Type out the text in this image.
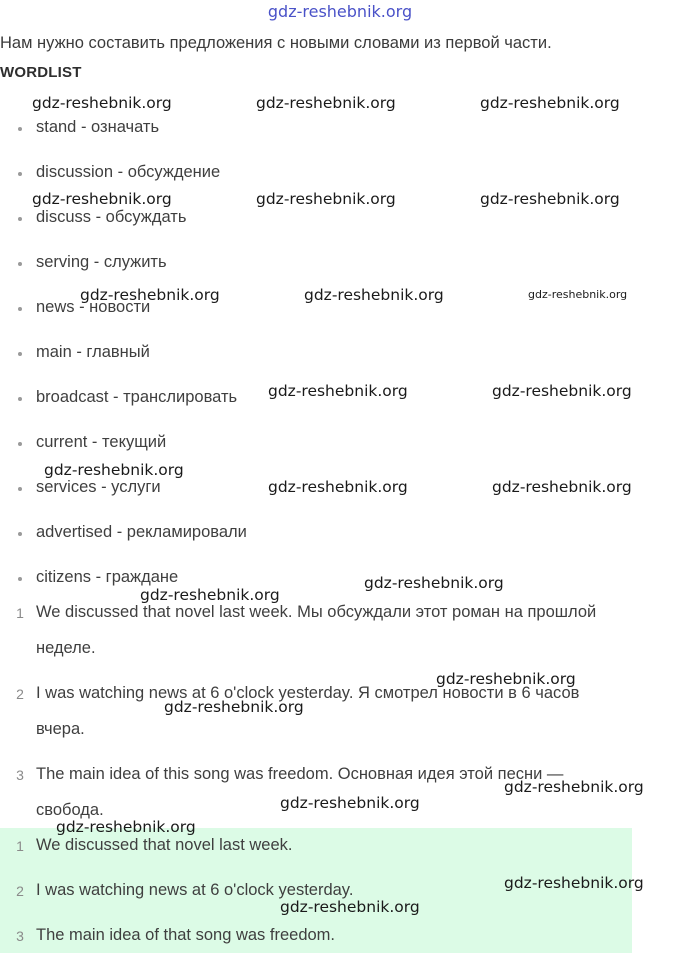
gdz-reshebnik.org
Нам нужно составить предложения с новыми словами из первой части.
WORDLIST
stand - означать
discussion - обсуждение
discuss - обсуждать
serving - служить
news - новости
main - главный
broadcast - транслировать
current - текущий
services - услуги
advertised - рекламировали
citizens - граждане
1 We discussed that novel last week. Мы обсуждали этот роман на прошлой
неделе.
2 I was watching news at 6 o'clock yesterday. Я смотрел новости в 6 часов
вчера.
3 The main idea of this song was freedom. Основная идея этой песни —
свобода.
1 We discussed that novel last week.
2 I was watching news at 6 o'clock yesterday.
3 The main idea of that song was freedom.
gdz-reshebnik.org	gdz-reshebnik.org	gdz-reshebnik.org
gdz-reshebnik.org	gdz-reshebnik.org	gdz-reshebnik.org
gdz-reshebnik.org	gdz-reshebnik.org	gdz-reshebnik.org
gdz-reshebnik.org	gdz-reshebnik.org
gdz-reshebnik.org
gdz-reshebnik.org	gdz-reshebnik.org
gdz-reshebnik.org
gdz-reshebnik.org
gdz-reshebnik.org
gdz-reshebnik.org
gdz-reshebnik.org
gdz-reshebnik.org
gdz-reshebnik.org
gdz-reshebnik.org
gdz-reshebnik.org
